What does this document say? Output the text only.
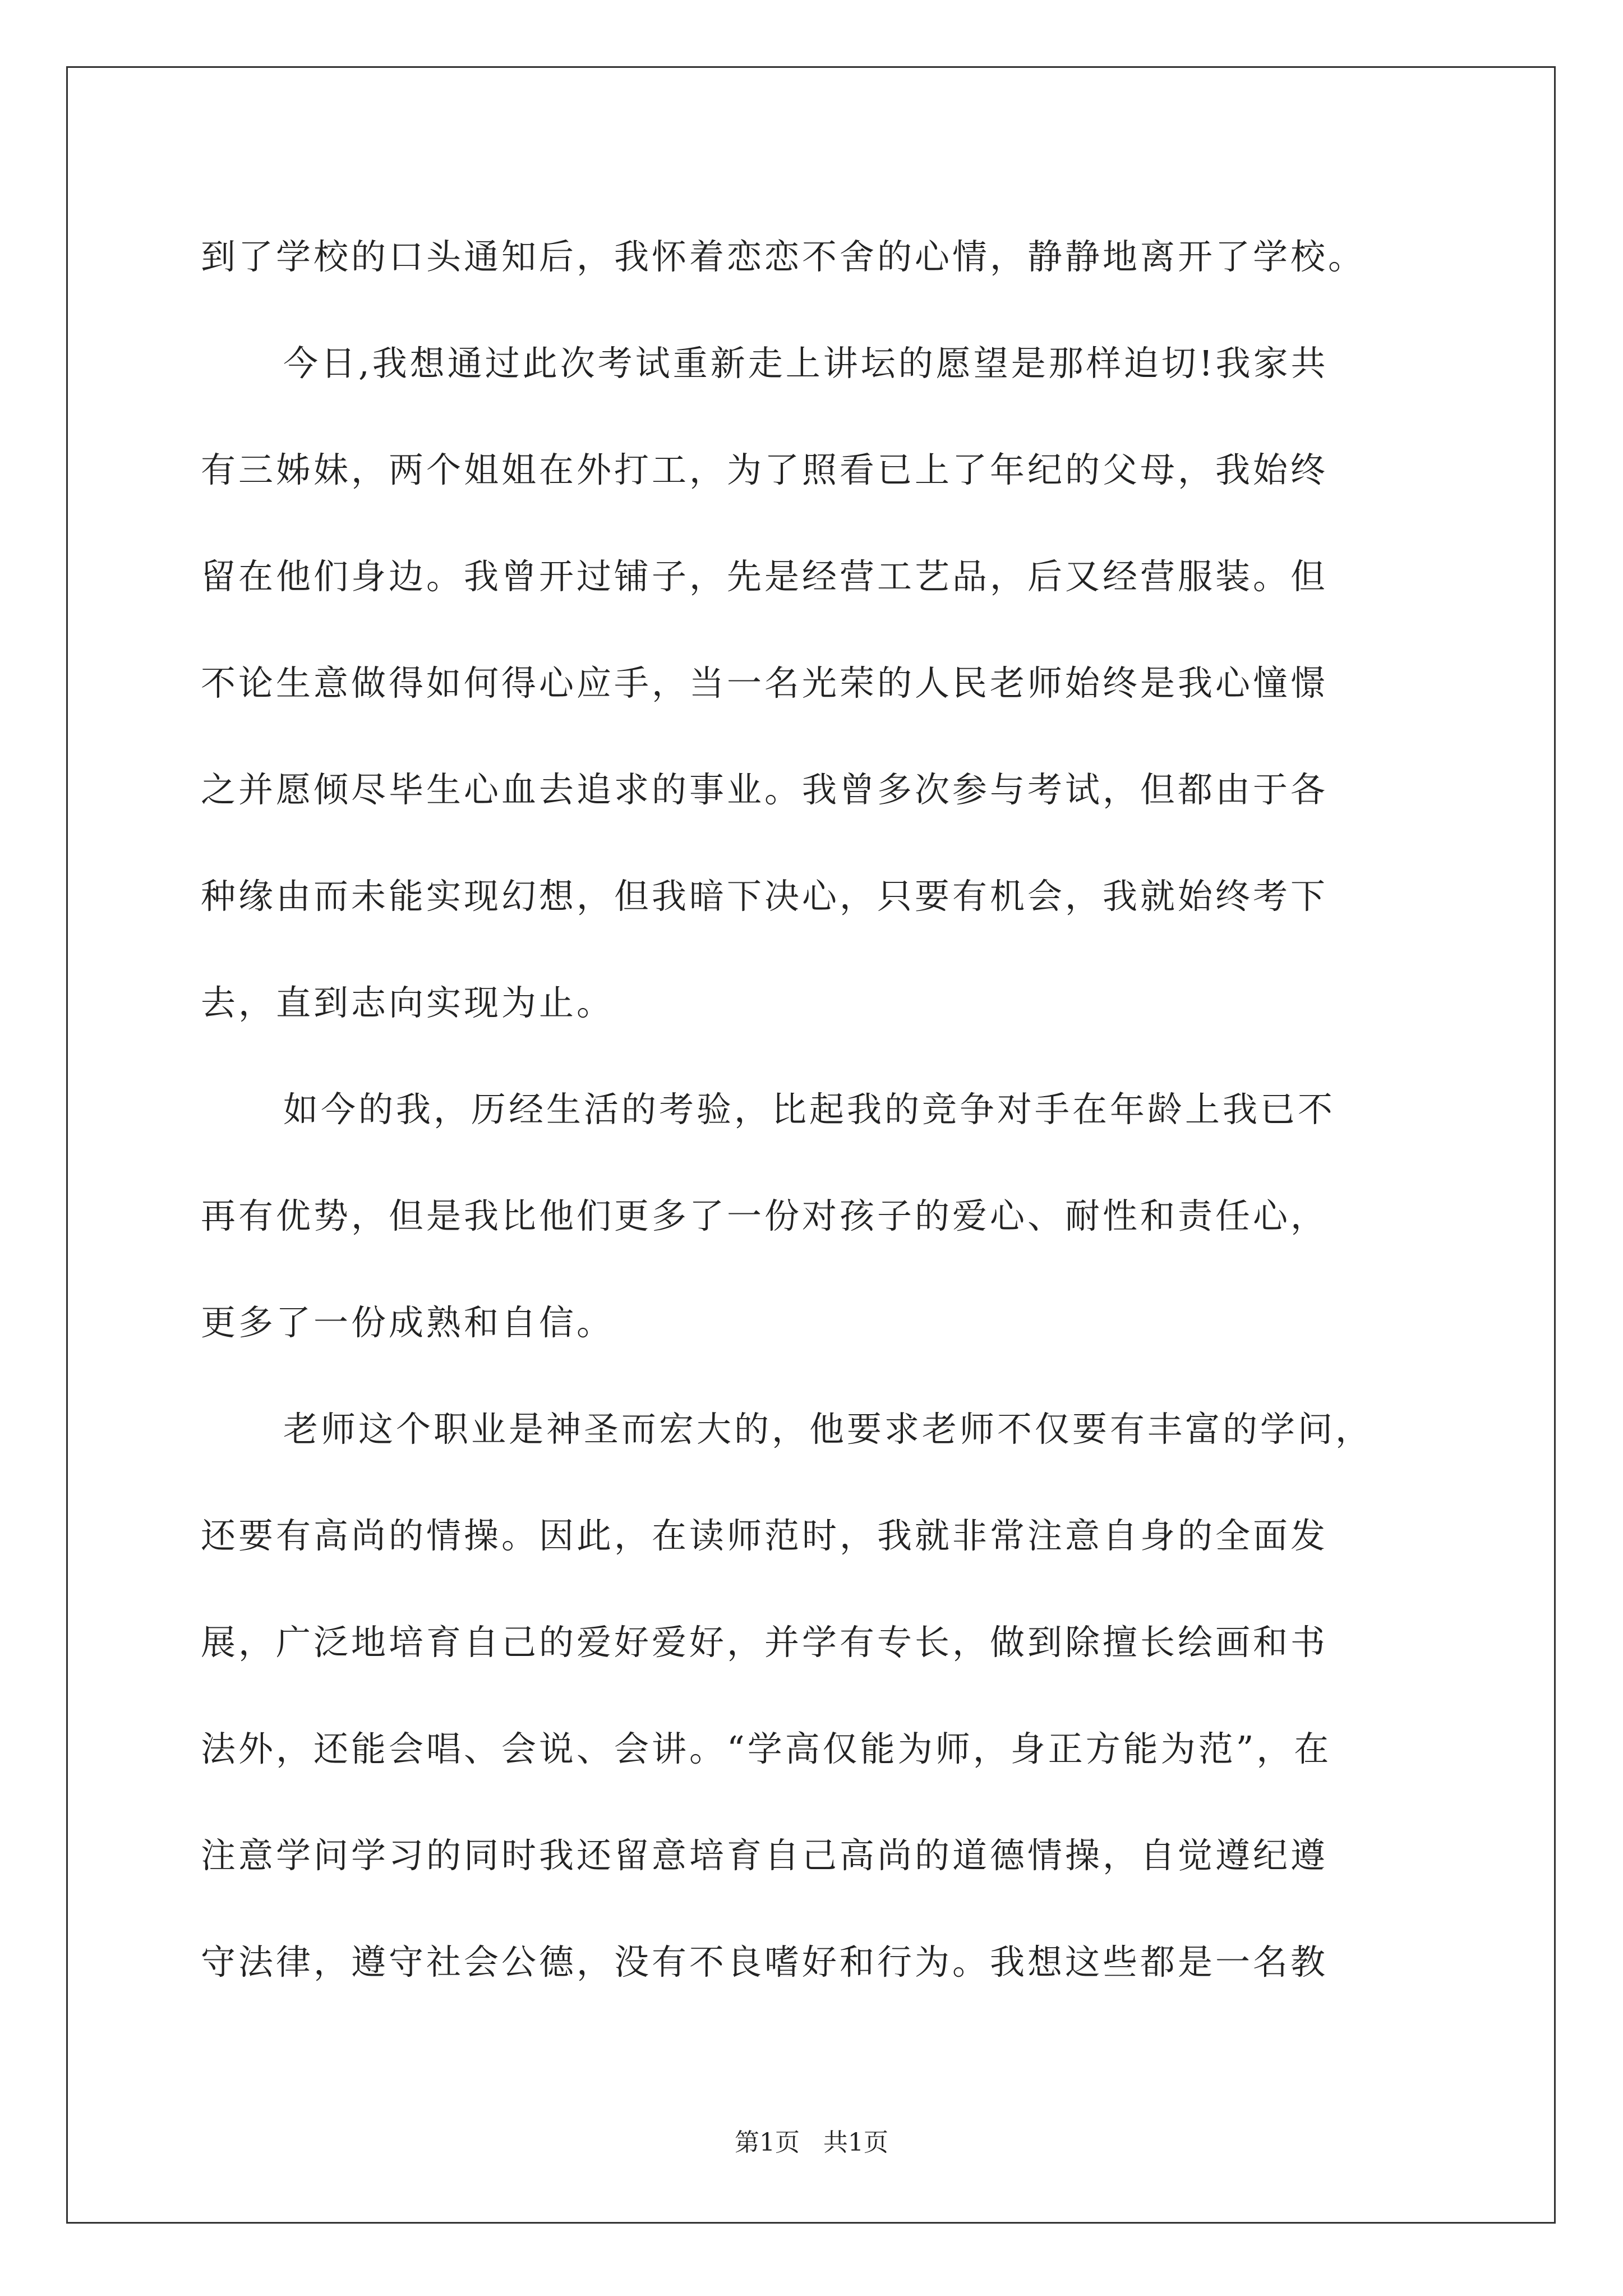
到了学校的口头通知后，我怀着恋恋不舍的心情，静静地离开了学校。
今日,我想通过此次考试重新走上讲坛的愿望是那样迫切!我家共
有三姊妹，两个姐姐在外打工，为了照看已上了年纪的父母，我始终
留在他们身边。我曾开过铺子，先是经营工艺品，后又经营服装。但
不论生意做得如何得心应手，当一名光荣的人民老师始终是我心憧憬
之并愿倾尽毕生心血去追求的事业。我曾多次参与考试，但都由于各
种缘由而未能实现幻想，但我暗下决心，只要有机会，我就始终考下
去，直到志向实现为止。
如今的我，历经生活的考验，比起我的竞争对手在年龄上我已不
再有优势，但是我比他们更多了一份对孩子的爱心、耐性和责任心，
更多了一份成熟和自信。
老师这个职业是神圣而宏大的，他要求老师不仅要有丰富的学问，
还要有高尚的情操。因此，在读师范时，我就非常注意自身的全面发
展，广泛地培育自己的爱好爱好，并学有专长，做到除擅长绘画和书
法外，还能会唱、会说、会讲。“学高仅能为师，身正方能为范”，在
注意学问学习的同时我还留意培育自己高尚的道德情操，自觉遵纪遵
守法律，遵守社会公德，没有不良嗜好和行为。我想这些都是一名教
第1页   共1页
